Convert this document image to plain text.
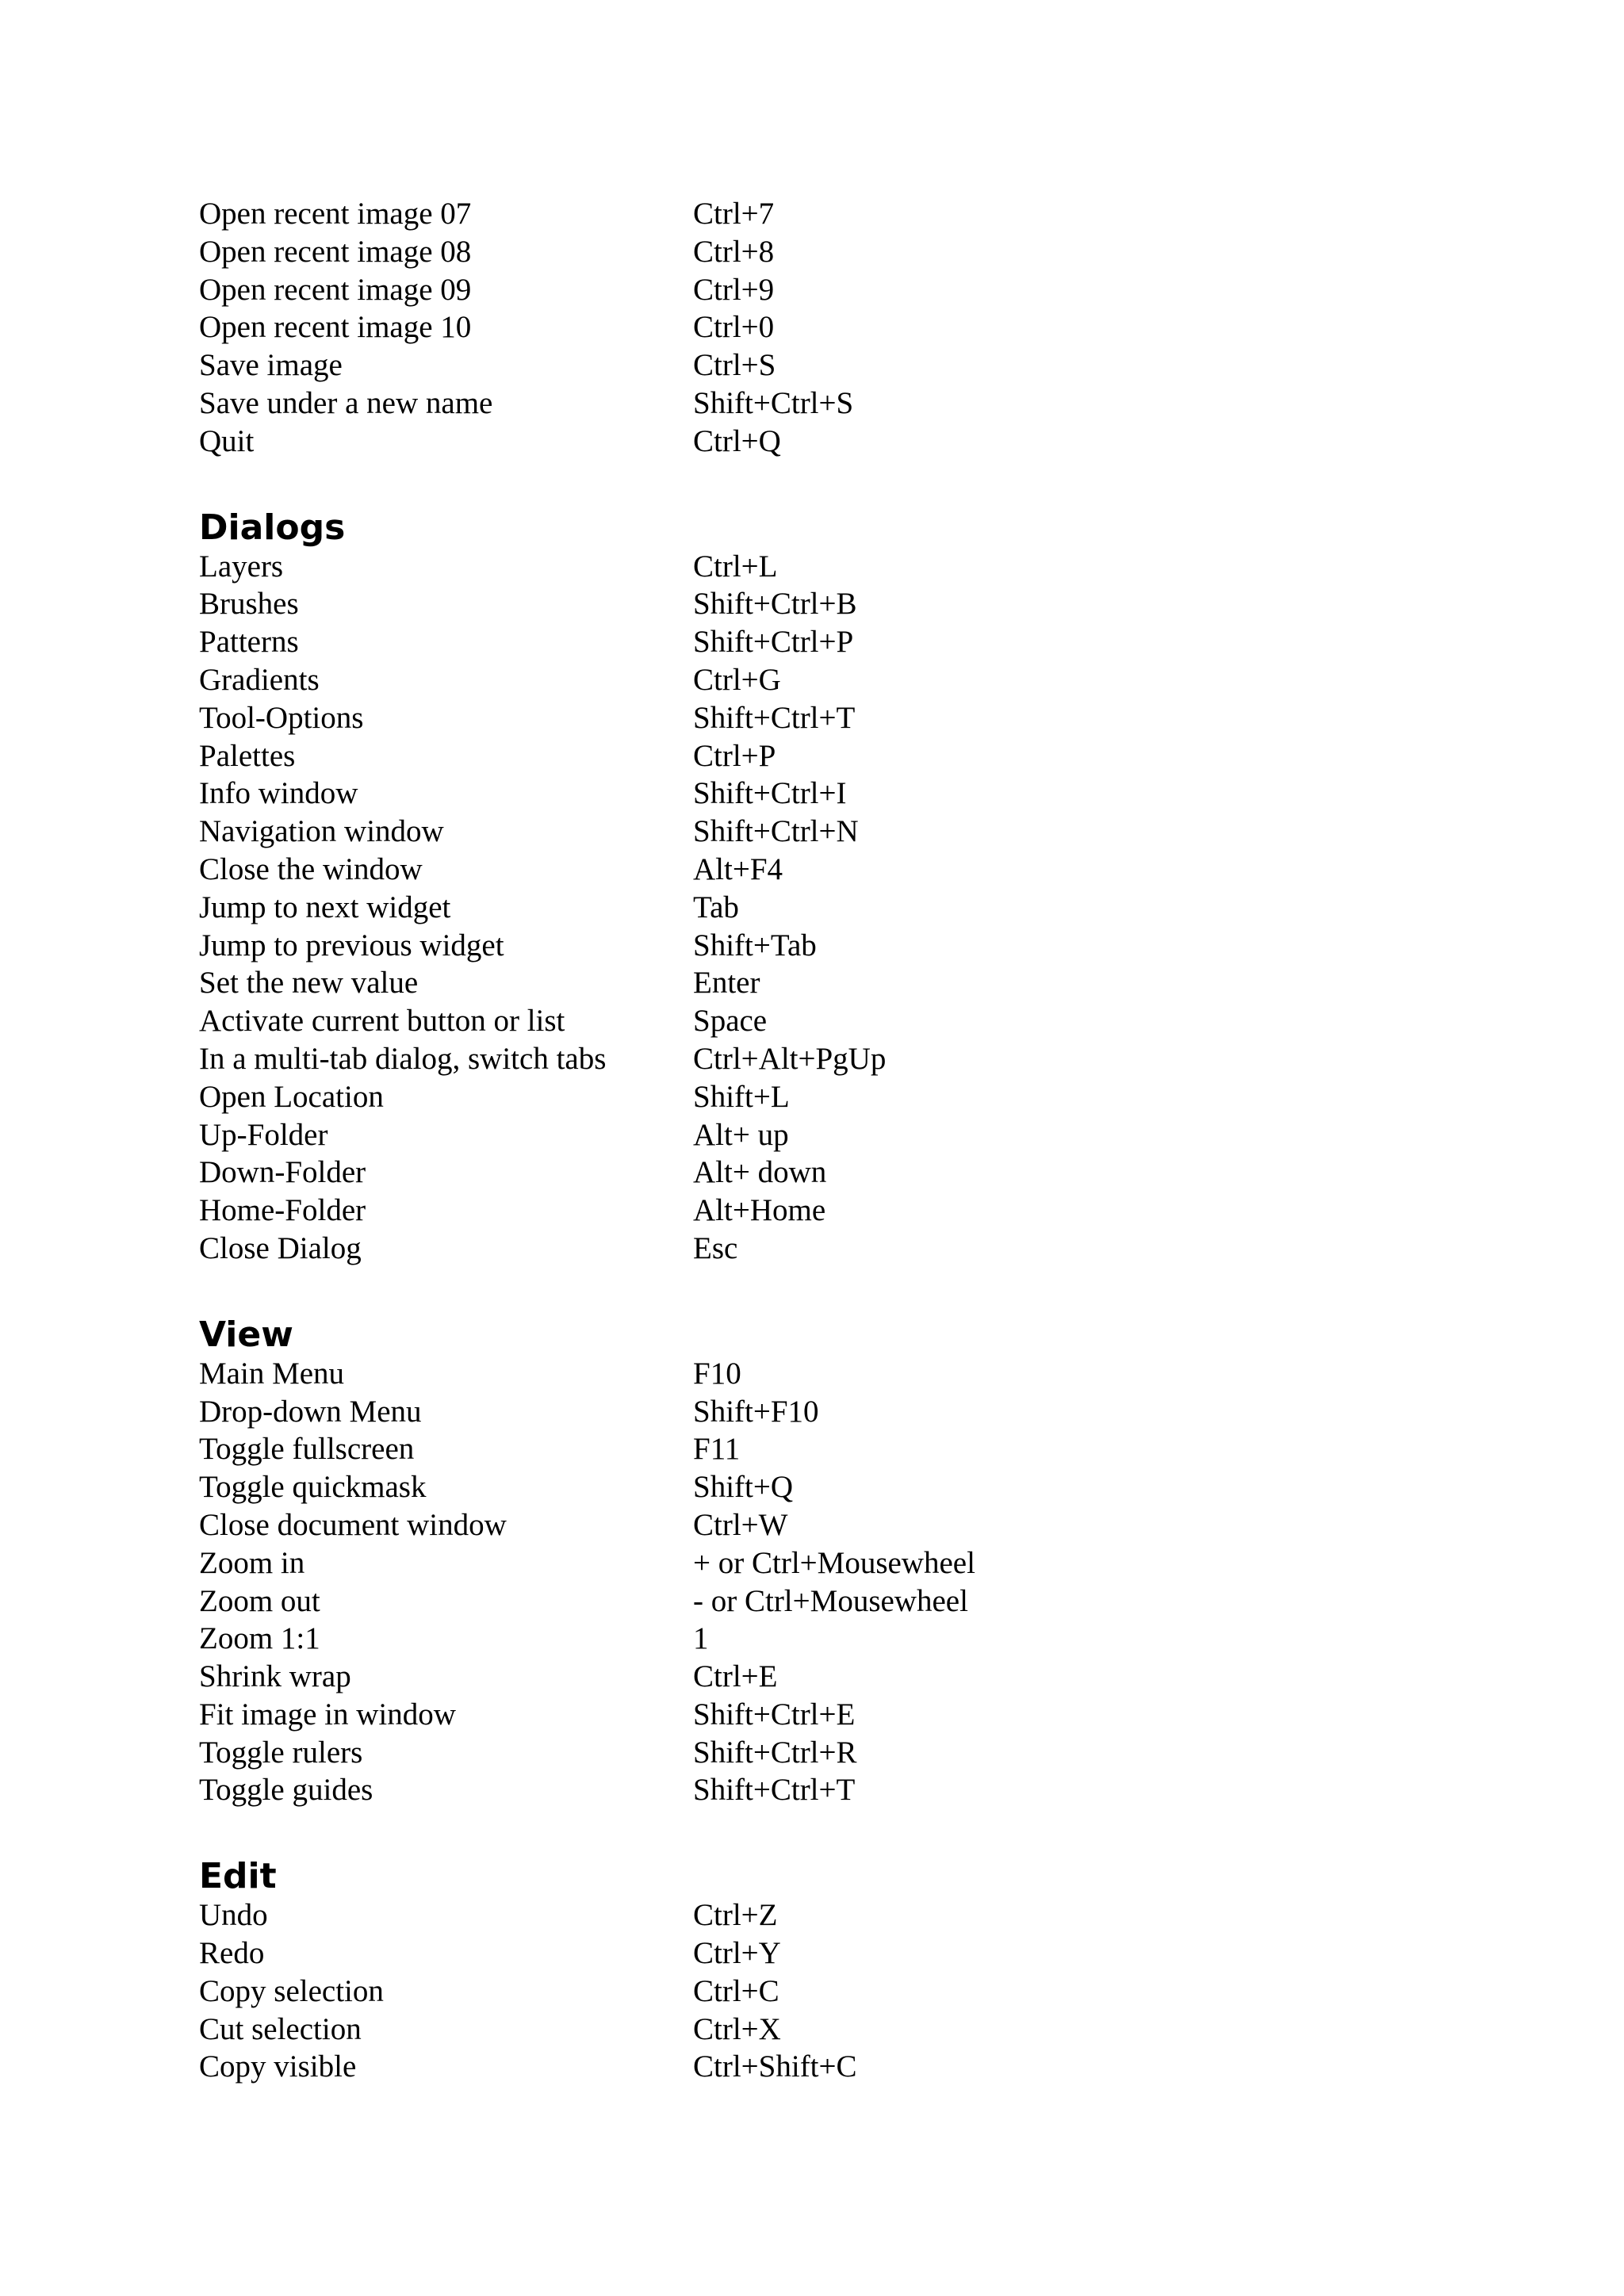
Open recent image 07	Ctrl+7
Open recent image 08	Ctrl+8
Open recent image 09	Ctrl+9
Open recent image 10	Ctrl+0
Save image	Ctrl+S
Save under a new name	Shift+Ctrl+S
Quit	Ctrl+Q
Dialogs
Layers	Ctrl+L
Brushes	Shift+Ctrl+B
Patterns	Shift+Ctrl+P
Gradients	Ctrl+G
Tool-Options	Shift+Ctrl+T
Palettes	Ctrl+P
Info window	Shift+Ctrl+I
Navigation window	Shift+Ctrl+N
Close the window	Alt+F4
Jump to next widget	Tab
Jump to previous widget	Shift+Tab
Set the new value	Enter
Activate current button or list	Space
In a multi-tab dialog, switch tabs	Ctrl+Alt+PgUp
Open Location	Shift+L
Up-Folder	Alt+ up
Down-Folder	Alt+ down
Home-Folder	Alt+Home
Close Dialog	Esc
View
Main Menu	F10
Drop-down Menu	Shift+F10
Toggle fullscreen	F11
Toggle quickmask	Shift+Q
Close document window	Ctrl+W
Zoom in	+ or Ctrl+Mousewheel
Zoom out	- or Ctrl+Mousewheel
Zoom 1:1	1
Shrink wrap	Ctrl+E
Fit image in window	Shift+Ctrl+E
Toggle rulers	Shift+Ctrl+R
Toggle guides	Shift+Ctrl+T
Edit
Undo	Ctrl+Z
Redo	Ctrl+Y
Copy selection	Ctrl+C
Cut selection	Ctrl+X
Copy visible	Ctrl+Shift+C
